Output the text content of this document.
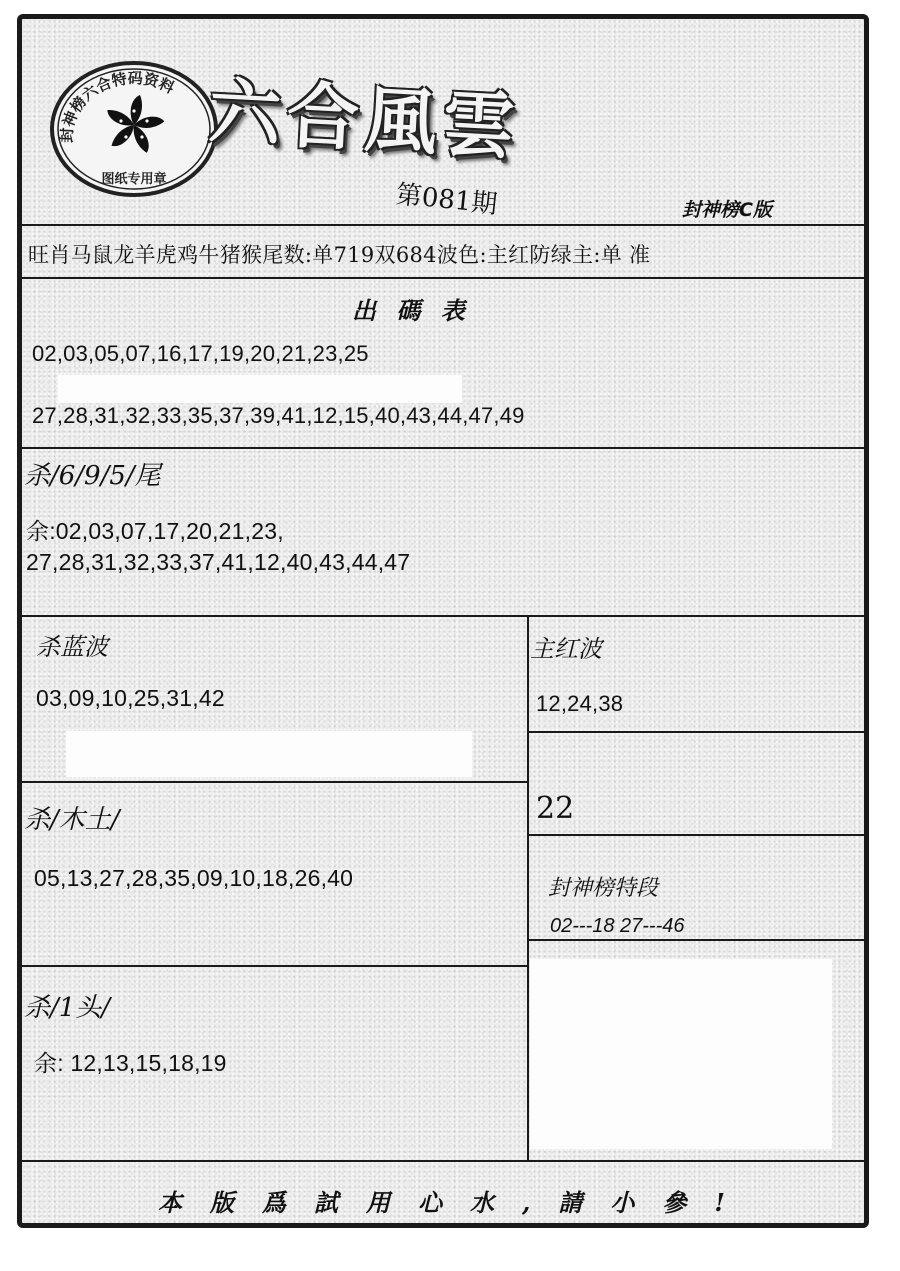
封神榜六合特码资料
图纸专用章
六合風雲
第081期	封神榜C版
旺肖马鼠龙羊虎鸡牛猪猴尾数:单719双684波色:主红防绿主:单 准
出 碼 表
02,03,05,07,16,17,19,20,21,23,25
27,28,31,32,33,35,37,39,41,12,15,40,43,44,47,49
杀/6/9/5/尾
余:02,03,07,17,20,21,23,
27,28,31,32,33,37,41,12,40,43,44,47
杀蓝波
03,09,10,25,31,42
主红波
12,24,38
22
杀/木土/
05,13,27,28,35,09,10,18,26,40	封神榜特段
02---18 27---46
杀/1头/
余: 12,13,15,18,19
本版爲試用心水,請小參!
